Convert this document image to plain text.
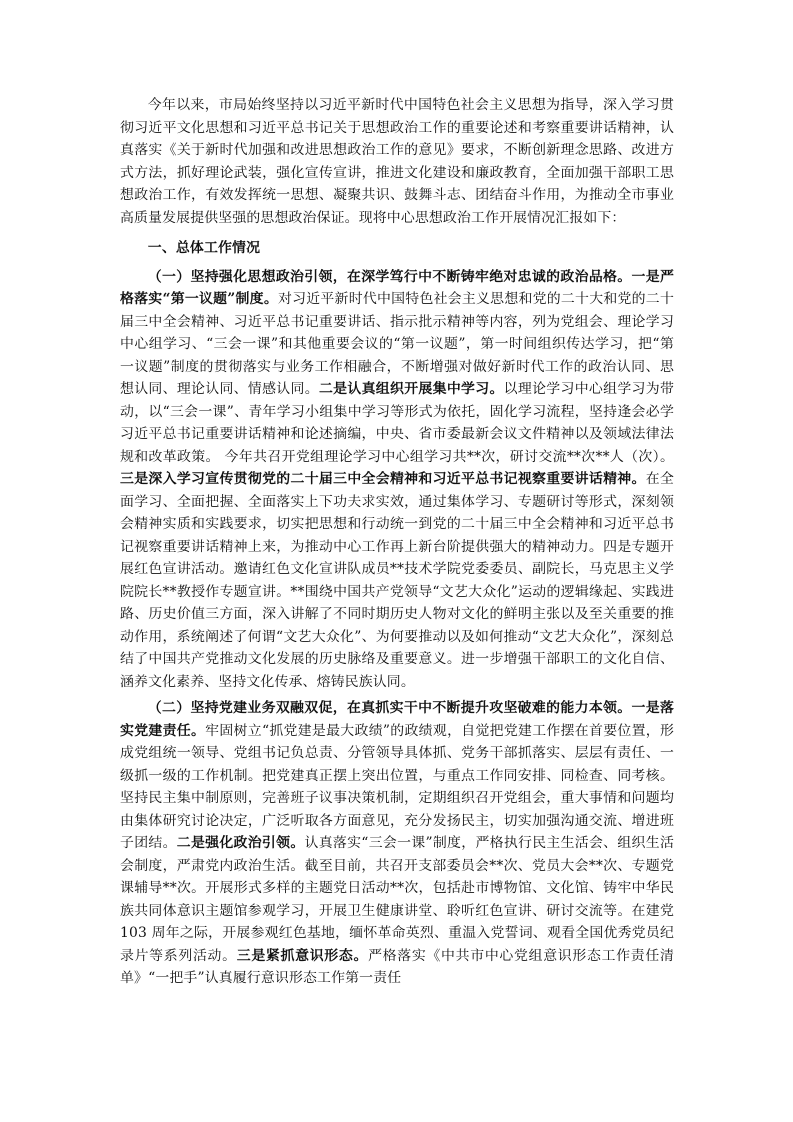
今年以来，市局始终坚持以习近平新时代中国特色社会主义思想为指导，深入学习贯彻习近平文化思想和习近平总书记关于思想政治工作的重要论述和考察重要讲话精神，认真落实《关于新时代加强和改进思想政治工作的意见》要求，不断创新理念思路、改进方式方法，抓好理论武装，强化宣传宣讲，推进文化建设和廉政教育，全面加强干部职工思想政治工作，有效发挥统一思想、凝聚共识、鼓舞斗志、团结奋斗作用，为推动全市事业高质量发展提供坚强的思想政治保证。现将中心思想政治工作开展情况汇报如下：

一、总体工作情况

（一）坚持强化思想政治引领，在深学笃行中不断铸牢绝对忠诚的政治品格。一是严格落实“第一议题”制度。对习近平新时代中国特色社会主义思想和党的二十大和党的二十届三中全会精神、习近平总书记重要讲话、指示批示精神等内容，列为党组会、理论学习中心组学习、“三会一课”和其他重要会议的“第一议题”，第一时间组织传达学习，把“第一议题”制度的贯彻落实与业务工作相融合，不断增强对做好新时代工作的政治认同、思想认同、理论认同、情感认同。二是认真组织开展集中学习。以理论学习中心组学习为带动，以“三会一课”、青年学习小组集中学习等形式为依托，固化学习流程，坚持逢会必学习近平总书记重要讲话精神和论述摘编，中央、省市委最新会议文件精神以及领域法律法规和改革政策。 今年共召开党组理论学习中心组学习共**次，研讨交流**次**人（次）。三是深入学习宣传贯彻党的二十届三中全会精神和习近平总书记视察重要讲话精神。在全面学习、全面把握、全面落实上下功夫求实效，通过集体学习、专题研讨等形式，深刻领会精神实质和实践要求，切实把思想和行动统一到党的二十届三中全会精神和习近平总书记视察重要讲话精神上来，为推动中心工作再上新台阶提供强大的精神动力。四是专题开展红色宣讲活动。邀请红色文化宣讲队成员**技术学院党委委员、副院长，马克思主义学院院长**教授作专题宣讲。**围绕中国共产党领导“文艺大众化”运动的逻辑缘起、实践进路、历史价值三方面，深入讲解了不同时期历史人物对文化的鲜明主张以及至关重要的推动作用，系统阐述了何谓“文艺大众化”、为何要推动以及如何推动“文艺大众化”，深刻总结了中国共产党推动文化发展的历史脉络及重要意义。进一步增强干部职工的文化自信、涵养文化素养、坚持文化传承、熔铸民族认同。

（二）坚持党建业务双融双促，在真抓实干中不断提升攻坚破难的能力本领。一是落实党建责任。牢固树立“抓党建是最大政绩”的政绩观，自觉把党建工作摆在首要位置，形成党组统一领导、党组书记负总责、分管领导具体抓、党务干部抓落实、层层有责任、一级抓一级的工作机制。把党建真正摆上突出位置，与重点工作同安排、同检查、同考核。坚持民主集中制原则，完善班子议事决策机制，定期组织召开党组会，重大事情和问题均由集体研究讨论决定，广泛听取各方面意见，充分发扬民主，切实加强沟通交流、增进班子团结。二是强化政治引领。认真落实“三会一课”制度，严格执行民主生活会、组织生活会制度，严肃党内政治生活。截至目前，共召开支部委员会**次、党员大会**次、专题党课辅导**次。开展形式多样的主题党日活动**次，包括赴市博物馆、文化馆、铸牢中华民族共同体意识主题馆参观学习，开展卫生健康讲堂、聆听红色宣讲、研讨交流等。在建党 103 周年之际，开展参观红色基地，缅怀革命英烈、重温入党誓词、观看全国优秀党员纪录片等系列活动。三是紧抓意识形态。严格落实《中共市中心党组意识形态工作责任清单》“一把手”认真履行意识形态工作第一责任
